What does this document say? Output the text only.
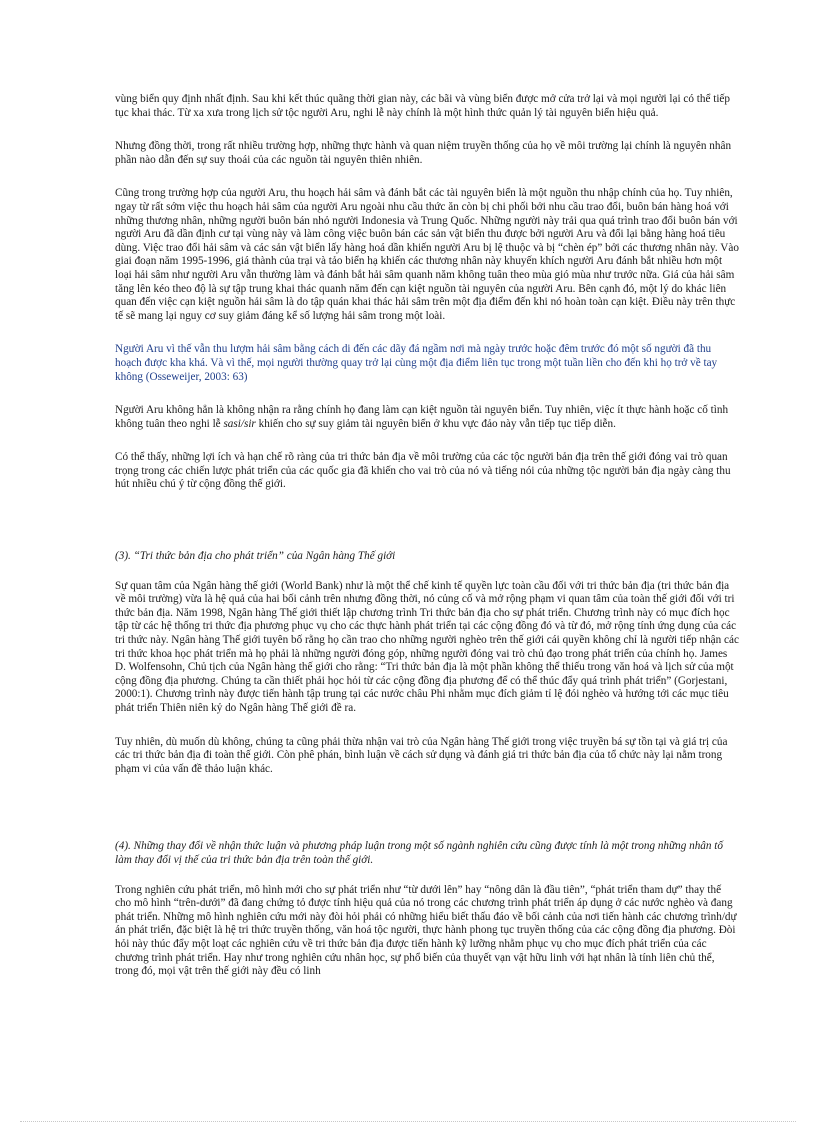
vùng biển quy định nhất định. Sau khi kết thúc quãng thời gian này, các bãi và vùng biển được mở cửa trở lại và mọi người lại có thể tiếp tục khai thác. Từ xa xưa trong lịch sử tộc người Aru, nghi lễ này chính là một hình thức quản lý tài nguyên biển hiệu quả.

Nhưng đồng thời, trong rất nhiều trường hợp, những thực hành và quan niệm truyền thống của họ về môi trường lại chính là nguyên nhân phần nào dẫn đến sự suy thoái của các nguồn tài nguyên thiên nhiên.

Cũng trong trường hợp của người Aru, thu hoạch hải sâm và đánh bắt các tài nguyên biển là một nguồn thu nhập chính của họ. Tuy nhiên, ngay từ rất sớm việc thu hoạch hải sâm của người Aru ngoài nhu cầu thức ăn còn bị chi phối bởi nhu cầu trao đổi, buôn bán hàng hoá với những thương nhân, những người buôn bán nhỏ người Indonesia và Trung Quốc. Những người này trải qua quá trình trao đổi buôn bán với người Aru đã dần định cư tại vùng này và làm công việc buôn bán các sản vật biển thu được bởi người Aru và đổi lại bằng hàng hoá tiêu dùng. Việc trao đổi hải sâm và các sản vật biển lấy hàng hoá dần khiến người Aru bị lệ thuộc và bị “chèn ép” bởi các thương nhân này. Vào giai đoạn năm 1995-1996, giá thành của trại và tảo biển hạ khiến các thương nhân này khuyến khích người Aru đánh bắt nhiều hơn một loại hải sâm như người Aru vẫn thường làm và đánh bắt hải sâm quanh năm không tuân theo mùa gió mùa như trước nữa. Giá của hải sâm tăng lên kéo theo độ là sự tập trung khai thác quanh năm đến cạn kiệt nguồn tài nguyên của người Aru. Bên cạnh đó, một lý do khác liên quan đến việc cạn kiệt nguồn hải sâm là do tập quán khai thác hải sâm trên một địa điểm đến khi nó hoàn toàn cạn kiệt. Điều này trên thực tế sẽ mang lại nguy cơ suy giảm đáng kể số lượng hải sâm trong một loài.

Người Aru vì thế vẫn thu lượm hải sâm bằng cách di đến các dãy đá ngầm nơi mà ngày trước hoặc đêm trước đó một số người đã thu hoạch được kha khá. Và vì thế, mọi người thường quay trở lại cùng một địa điểm liên tục trong một tuần liền cho đến khi họ trở về tay không (Osseweijer, 2003: 63)

Người Aru không hẳn là không nhận ra rằng chính họ đang làm cạn kiệt nguồn tài nguyên biển. Tuy nhiên, việc ít thực hành hoặc cố tình không tuân theo nghi lễ sasi/sir khiến cho sự suy giảm tài nguyên biển ở khu vực đảo này vẫn tiếp tục tiếp diễn.

Có thể thấy, những lợi ích và hạn chế rõ ràng của tri thức bản địa về môi trường của các tộc người bản địa trên thế giới đóng vai trò quan trọng trong các chiến lược phát triển của các quốc gia đã khiến cho vai trò của nó và tiếng nói của những tộc người bản địa ngày càng thu hút nhiều chú ý từ cộng đồng thế giới.

(3). “Tri thức bản địa cho phát triển” của Ngân hàng Thế giới

Sự quan tâm của Ngân hàng thế giới (World Bank) như là một thể chế kinh tế quyền lực toàn cầu đối với tri thức bản địa (tri thức bản địa về môi trường) vừa là hệ quả của hai bối cảnh trên nhưng đồng thời, nó củng cố và mở rộng phạm vi quan tâm của toàn thế giới đối với tri thức bản địa. Năm 1998, Ngân hàng Thế giới thiết lập chương trình Tri thức bản địa cho sự phát triển. Chương trình này có mục đích học tập từ các hệ thống tri thức địa phương phục vụ cho các thực hành phát triển tại các cộng đồng đó và từ đó, mở rộng tính ứng dụng của các tri thức này. Ngân hàng Thế giới tuyên bố rằng họ cần trao cho những người nghèo trên thế giới cái quyền không chỉ là người tiếp nhận các tri thức khoa học phát triển mà họ phải là những người đóng góp, những người đóng vai trò chủ đạo trong phát triển của chính họ. James D. Wolfensohn, Chủ tịch của Ngân hàng thế giới cho rằng: “Tri thức bản địa là một phần không thể thiếu trong văn hoá và lịch sử của một cộng đồng địa phương. Chúng ta cần thiết phải học hỏi từ các cộng đồng địa phương để có thể thúc đẩy quá trình phát triển” (Gorjestani, 2000:1). Chương trình này được tiến hành tập trung tại các nước châu Phi nhằm mục đích giảm tỉ lệ đói nghèo và hướng tới các mục tiêu phát triển Thiên niên kỷ do Ngân hàng Thế giới đề ra.

Tuy nhiên, dù muốn dù không, chúng ta cũng phải thừa nhận vai trò của Ngân hàng Thế giới trong việc truyền bá sự tồn tại và giá trị của các tri thức bản địa đi toàn thế giới. Còn phê phán, bình luận về cách sử dụng và đánh giá tri thức bản địa của tổ chức này lại nằm trong phạm vi của vấn đề thảo luận khác.

(4). Những thay đổi về nhận thức luận và phương pháp luận trong một số ngành nghiên cứu cũng được tính là một trong những nhân tố làm thay đổi vị thế của tri thức bản địa trên toàn thế giới.

Trong nghiên cứu phát triển, mô hình mới cho sự phát triển như “từ dưới lên” hay “nông dân là đầu tiên”, “phát triển tham dự” thay thế cho mô hình “trên-dưới” đã đang chứng tỏ được tính hiệu quả của nó trong các chương trình phát triển áp dụng ở các nước nghèo và đang phát triển. Những mô hình nghiên cứu mới này đòi hỏi phải có những hiểu biết thấu đáo về bối cảnh của nơi tiến hành các chương trình/dự án phát triển, đặc biệt là hệ tri thức truyền thống, văn hoá tộc người, thực hành phong tục truyền thống của các cộng đồng địa phương. Đòi hỏi này thúc đẩy một loạt các nghiên cứu về tri thức bản địa được tiến hành kỹ lưỡng nhằm phục vụ cho mục đích phát triển của các chương trình phát triển. Hay như trong nghiên cứu nhân học, sự phổ biến của thuyết vạn vật hữu linh với hạt nhân là tính liên chủ thể, trong đó, mọi vật trên thế giới này đều có linh
